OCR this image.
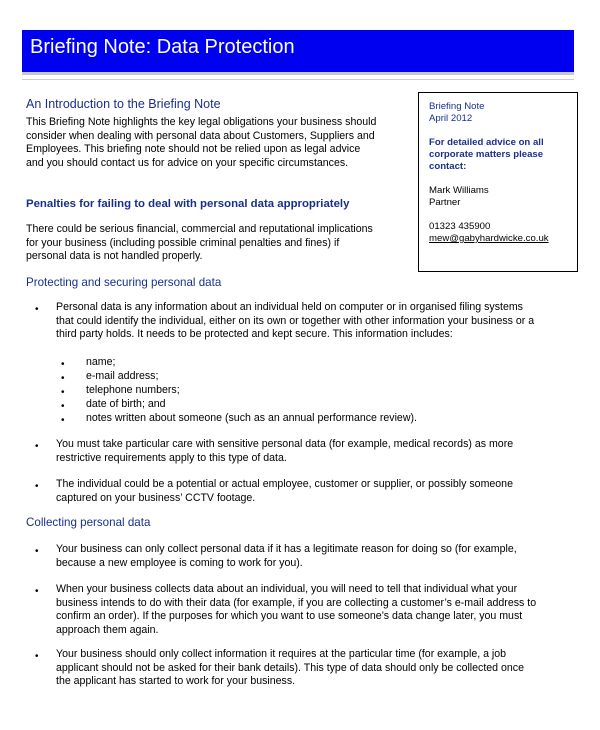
Briefing Note: Data Protection
An Introduction to the Briefing Note
This Briefing Note highlights the key legal obligations your business should
consider when dealing with personal data about Customers, Suppliers and
Employees. This briefing note should not be relied upon as legal advice
and you should contact us for advice on your specific circumstances.
Penalties for failing to deal with personal data appropriately
There could be serious financial, commercial and reputational implications
for your business (including possible criminal penalties and fines) if
personal data is not handled properly.
Briefing Note
April 2012
For detailed advice on all
corporate matters please
contact:
Mark Williams
Partner
01323 435900
mew@gabyhardwicke.co.uk
Protecting and securing personal data
• Personal data is any information about an individual held on computer or in organised filing systems
that could identify the individual, either on its own or together with other information your business or a
third party holds. It needs to be protected and kept secure. This information includes:
• name;
• e-mail address;
• telephone numbers;
• date of birth; and
• notes written about someone (such as an annual performance review).
• You must take particular care with sensitive personal data (for example, medical records) as more
restrictive requirements apply to this type of data.
• The individual could be a potential or actual employee, customer or supplier, or possibly someone
captured on your business’ CCTV footage.
Collecting personal data
• Your business can only collect personal data if it has a legitimate reason for doing so (for example,
because a new employee is coming to work for you).
• When your business collects data about an individual, you will need to tell that individual what your
business intends to do with their data (for example, if you are collecting a customer’s e-mail address to
confirm an order). If the purposes for which you want to use someone’s data change later, you must
approach them again.
• Your business should only collect information it requires at the particular time (for example, a job
applicant should not be asked for their bank details). This type of data should only be collected once
the applicant has started to work for your business.
